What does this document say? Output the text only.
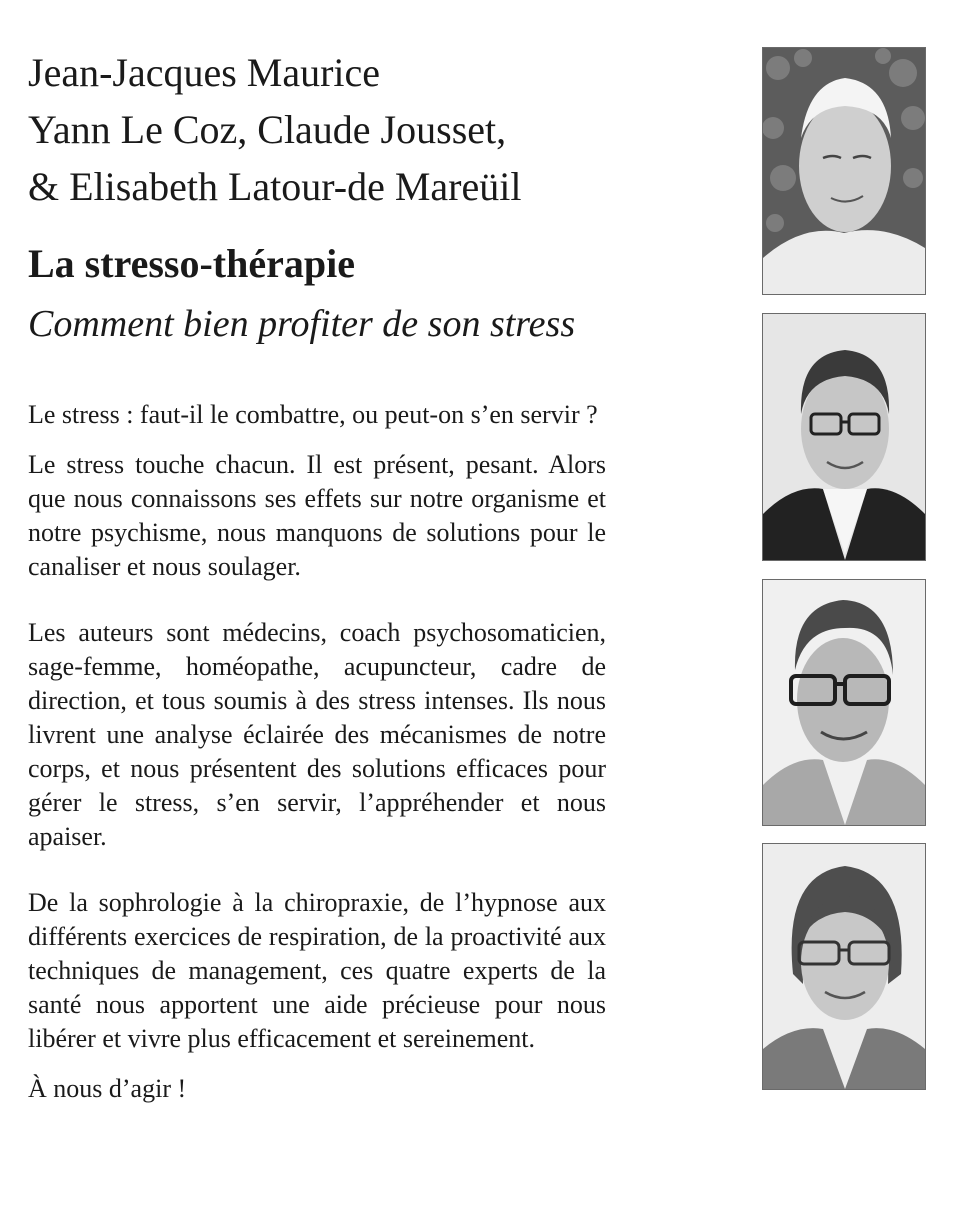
Jean-Jacques Maurice
Yann Le Coz, Claude Jousset,
& Elisabeth Latour-de Mareüil
La stresso-thérapie
Comment bien profiter de son stress

Le stress : faut-il le combattre, ou peut-on s’en servir ?

Le stress touche chacun. Il est présent, pesant. Alors que nous connaissons ses effets sur notre organisme et notre psychisme, nous manquons de solutions pour le canaliser et nous soulager.

Les auteurs sont médecins, coach psychosomaticien, sage-femme, homéopathe, acupuncteur, cadre de direction, et tous soumis à des stress intenses. Ils nous livrent une analyse éclairée des mécanismes de notre corps, et nous présentent des solutions efficaces pour gérer le stress, s’en servir, l’appréhender et nous apaiser.

De la sophrologie à la chiropraxie, de l’hypnose aux différents exercices de respiration, de la proactivité aux techniques de management, ces quatre experts de la santé nous apportent une aide précieuse pour nous libérer et vivre plus efficacement et sereinement.

À nous d’agir !
